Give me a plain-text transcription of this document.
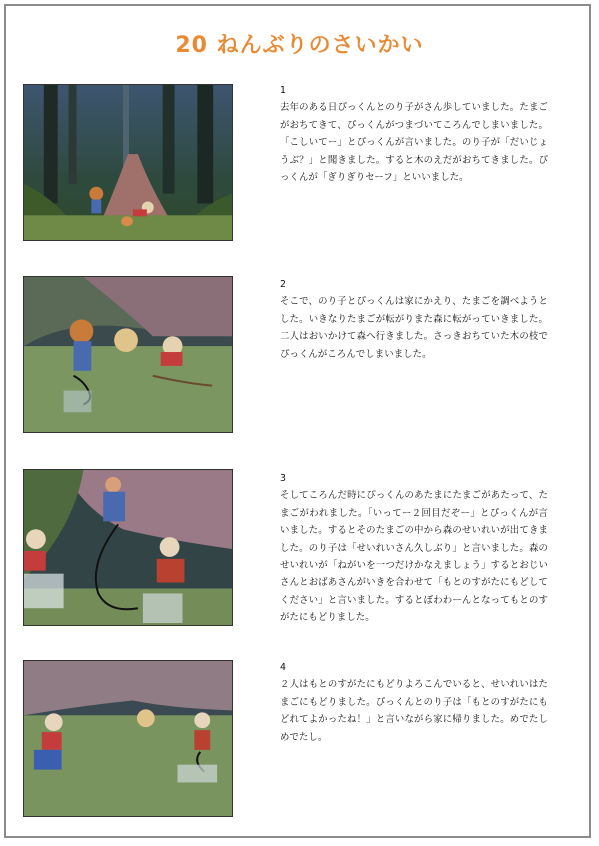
20 ねんぶりのさいかい
1
去年のある日ぴっくんとのり子がさん歩していました。たまごがおちてきて、ぴっくんがつまづいてころんでしまいました。「こしいてー」とぴっくんが言いました。のり子が「だいじょうぶ？」と聞きました。すると木のえだがおちてきました。ぴっくんが「ぎりぎりセーフ」といいました。
2
そこで、のり子とぴっくんは家にかえり、たまごを調べようとした。いきなりたまごが転がりまた森に転がっていきました。二人はおいかけて森へ行きました。さっきおちていた木の枝でぴっくんがころんでしまいました。
3
そしてころんだ時にぴっくんのあたまにたまごがあたって、たまごがわれました。「いってー２回目だぞー」とぴっくんが言いました。するとそのたまごの中から森のせいれいが出てきました。のり子は「せいれいさん久しぶり」と言いました。森のせいれいが「ねがいを一つだけかなえましょう」するとおじいさんとおばあさんがいきを合わせて「もとのすがたにもどしてください」と言いました。するとぼわわーんとなってもとのすがたにもどりました。
4
２人はもとのすがたにもどりよろこんでいると、せいれいはたまごにもどりました。ぴっくんとのり子は「もとのすがたにもどれてよかったね！」と言いながら家に帰りました。めでたしめでたし。
